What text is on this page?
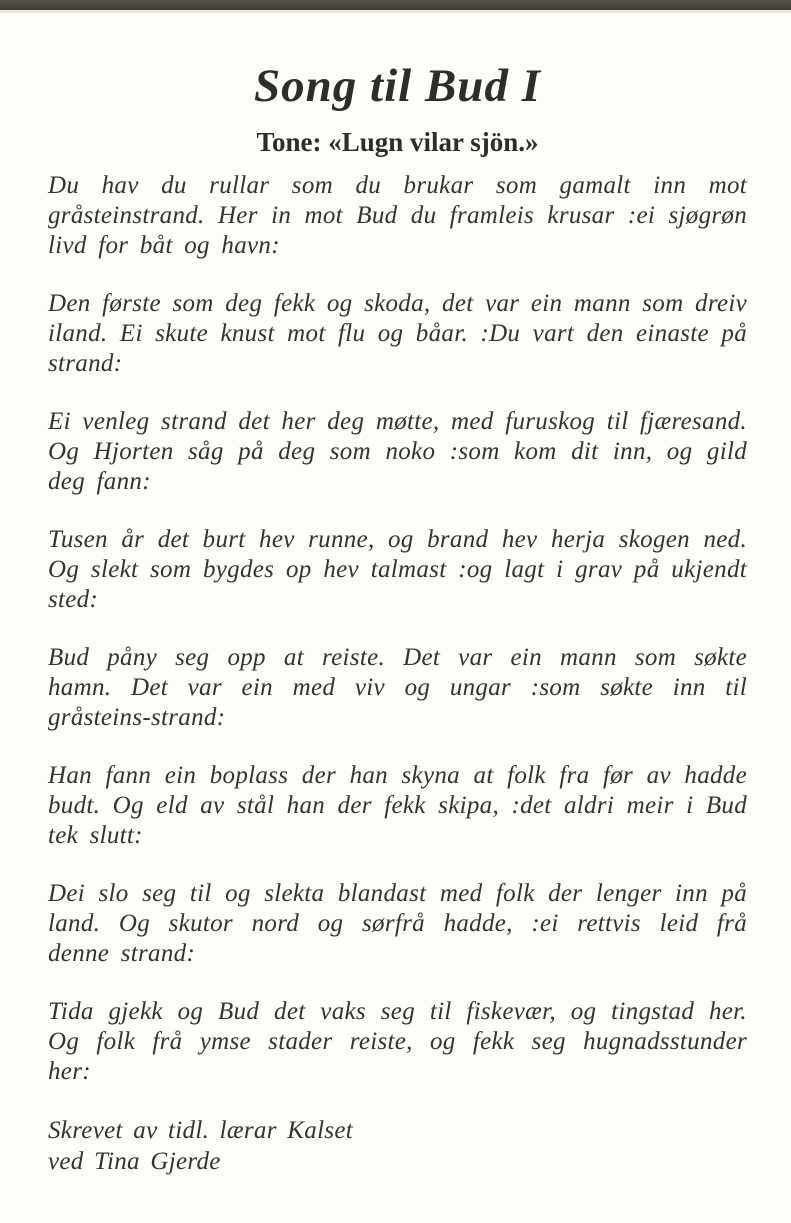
Song til Bud I
Tone: «Lugn vilar sjön.»

Du hav du rullar som du brukar som gamalt inn mot gråsteinstrand. Her in mot Bud du framleis krusar :ei sjøgrøn livd for båt og havn:

Den første som deg fekk og skoda, det var ein mann som dreiv iland. Ei skute knust mot flu og båar. :Du vart den einaste på strand:

Ei venleg strand det her deg møtte, med furuskog til fjæresand. Og Hjorten såg på deg som noko :som kom dit inn, og gild deg fann:

Tusen år det burt hev runne, og brand hev herja skogen ned. Og slekt som bygdes op hev talmast :og lagt i grav på ukjendt sted:

Bud påny seg opp at reiste. Det var ein mann som søkte hamn. Det var ein med viv og ungar :som søkte inn til gråsteins-strand:

Han fann ein boplass der han skyna at folk fra før av hadde budt. Og eld av stål han der fekk skipa, :det aldri meir i Bud tek slutt:

Dei slo seg til og slekta blandast med folk der lenger inn på land. Og skutor nord og sørfrå hadde, :ei rettvis leid frå denne strand:

Tida gjekk og Bud det vaks seg til fiskevær, og tingstad her. Og folk frå ymse stader reiste, og fekk seg hugnadsstunder her:

Skrevet av tidl. lærar Kalset
ved Tina Gjerde
